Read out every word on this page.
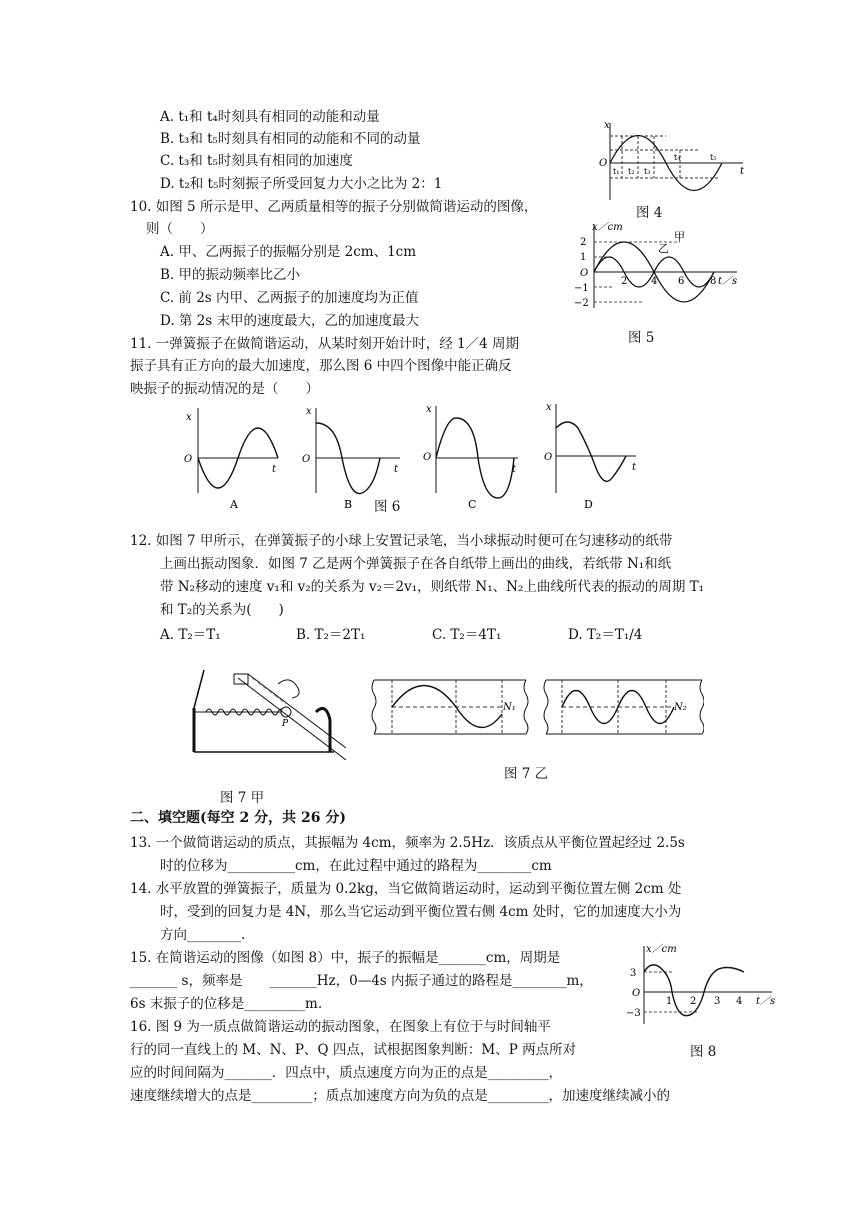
A. t₁和 t₄时刻具有相同的动能和动量
B. t₃和 t₅时刻具有相同的动能和不同的动量
C. t₃和 t₅时刻具有相同的加速度
D. t₂和 t₅时刻振子所受回复力大小之比为 2：1
x
t
O
t₁ t₂ t₃
t₄	t₅
图 4
10. 如图 5 所示是甲、乙两质量相等的振子分别做简谐运动的图像，
则（　　）
A. 甲、乙两振子的振幅分别是 2cm、1cm
B. 甲的振动频率比乙小
C. 前 2s 内甲、乙两振子的加速度均为正值
D. 第 2s 末甲的速度最大，乙的加速度最大
x／cm
t／s
甲
乙
2
1
O
−1
−2
2 4 6	8
图 5
11. 一弹簧振子在做简谐运动，从某时刻开始计时，经 1／4 周期
振子具有正方向的最大加速度，那么图 6 中四个图像中能正确反
映振子的振动情况的是（　　）
x
O
t
A
x
O
t
B
x
O
t
C
x
O
t
D
图 6
12. 如图 7 甲所示，在弹簧振子的小球上安置记录笔，当小球振动时便可在匀速移动的纸带
上画出振动图象．如图 7 乙是两个弹簧振子在各自纸带上画出的曲线，若纸带 N₁和纸
带 N₂移动的速度 v₁和 v₂的关系为 v₂＝2v₁，则纸带 N₁、N₂上曲线所代表的振动的周期 T₁
和 T₂的关系为(　　)
A. T₂＝T₁	B. T₂＝2T₁	C. T₂＝4T₁	D. T₂＝T₁/4
P
图 7 甲
N₁	N₂
图 7 乙
二、填空题(每空 2 分，共 26 分)
13. 一个做简谐运动的质点，其振幅为 4cm，频率为 2.5Hz．该质点从平衡位置起经过 2.5s
时的位移为__________cm，在此过程中通过的路程为________cm
14. 水平放置的弹簧振子，质量为 0.2kg，当它做简谐运动时，运动到平衡位置左侧 2cm 处
时，受到的回复力是 4N，那么当它运动到平衡位置右侧 4cm 处时，它的加速度大小为
方向________.
15. 在简谐运动的图像（如图 8）中，振子的振幅是_______cm，周期是
_______ s，频率是　　_______Hz，0—4s 内振子通过的路程是________m，
6s 末振子的位移是_________m.
x／cm
t／s
3
−3
O
1 2 3 4
图 8
16. 图 9 为一质点做简谐运动的振动图象，在图象上有位于与时间轴平
行的同一直线上的 M、N、P、Q 四点，试根据图象判断：M、P 两点所对
应的时间间隔为_______．四点中，质点速度方向为正的点是_________，
速度继续增大的点是_________；质点加速度方向为负的点是_________，加速度继续减小的
